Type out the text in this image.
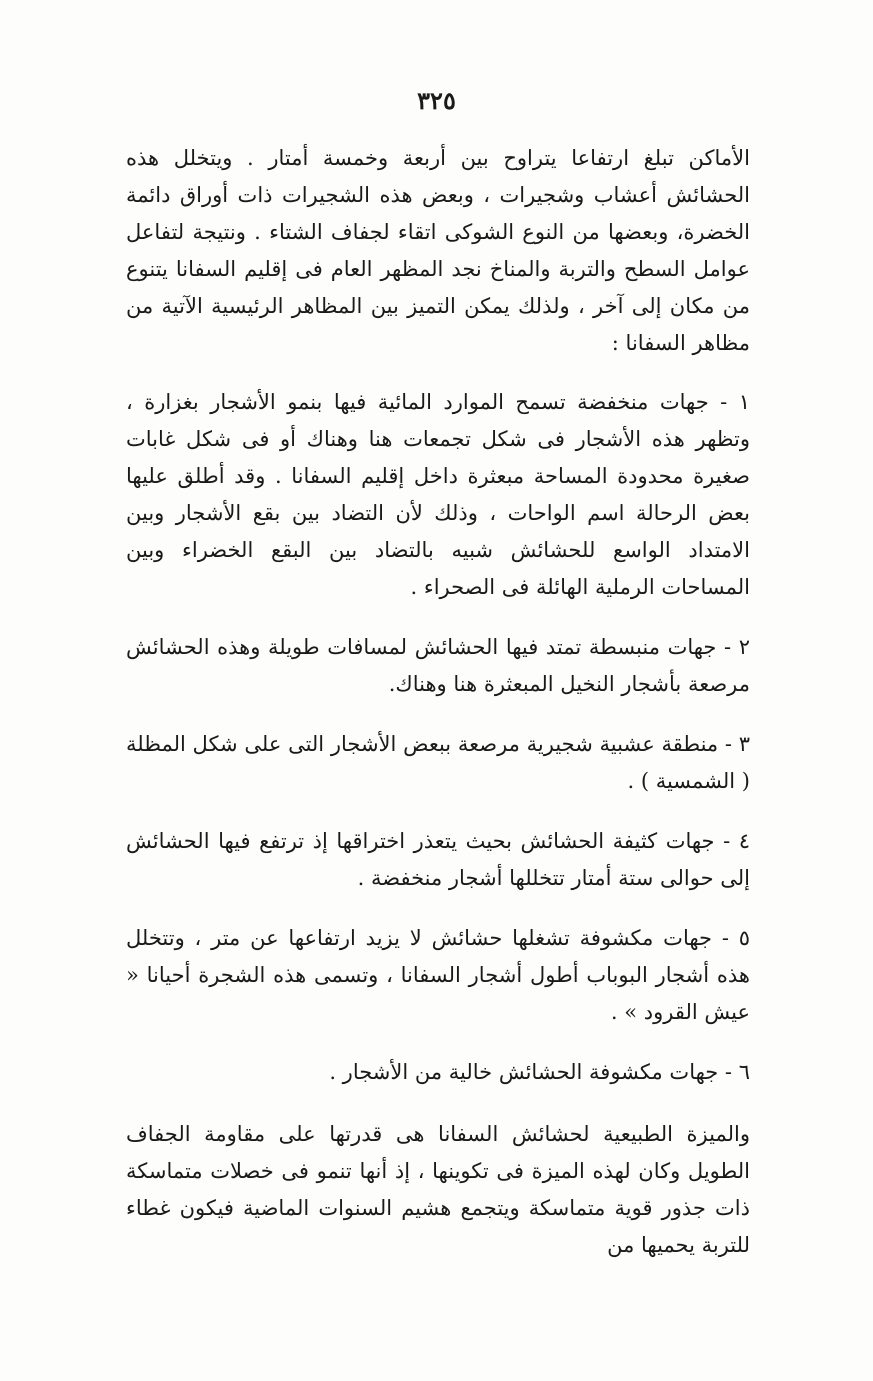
٣٢٥

الأماكن تبلغ ارتفاعا يتراوح بين أربعة وخمسة أمتار . ويتخلل هذه الحشائش أعشاب وشجيرات ، وبعض هذه الشجيرات ذات أوراق دائمة الخضرة، وبعضها من النوع الشوكى اتقاء لجفاف الشتاء . ونتيجة لتفاعل عوامل السطح والتربة والمناخ نجد المظهر العام فى إقليم السفانا يتنوع من مكان إلى آخر ، ولذلك يمكن التميز بين المظاهر الرئيسية الآتية من مظاهر السفانا :

١ - جهات منخفضة تسمح الموارد المائية فيها بنمو الأشجار بغزارة ، وتظهر هذه الأشجار فى شكل تجمعات هنا وهناك أو فى شكل غابات صغيرة محدودة المساحة مبعثرة داخل إقليم السفانا . وقد أطلق عليها بعض الرحالة اسم الواحات ، وذلك لأن التضاد بين بقع الأشجار وبين الامتداد الواسع للحشائش شبيه بالتضاد بين البقع الخضراء وبين المساحات الرملية الهائلة فى الصحراء .

٢ - جهات منبسطة تمتد فيها الحشائش لمسافات طويلة وهذه الحشائش مرصعة بأشجار النخيل المبعثرة هنا وهناك.

٣ - منطقة عشبية شجيرية مرصعة ببعض الأشجار التى على شكل المظلة ( الشمسية ) .

٤ - جهات كثيفة الحشائش بحيث يتعذر اختراقها إذ ترتفع فيها الحشائش إلى حوالى ستة أمتار تتخللها أشجار منخفضة .

٥ - جهات مكشوفة تشغلها حشائش لا يزيد ارتفاعها عن متر ، وتتخلل هذه أشجار البوباب أطول أشجار السفانا ، وتسمى هذه الشجرة أحيانا « عيش القرود » .

٦ - جهات مكشوفة الحشائش خالية من الأشجار .

والميزة الطبيعية لحشائش السفانا هى قدرتها على مقاومة الجفاف الطويل وكان لهذه الميزة فى تكوينها ، إذ أنها تنمو فى خصلات متماسكة ذات جذور قوية متماسكة ويتجمع هشيم السنوات الماضية فيكون غطاء للتربة يحميها من
